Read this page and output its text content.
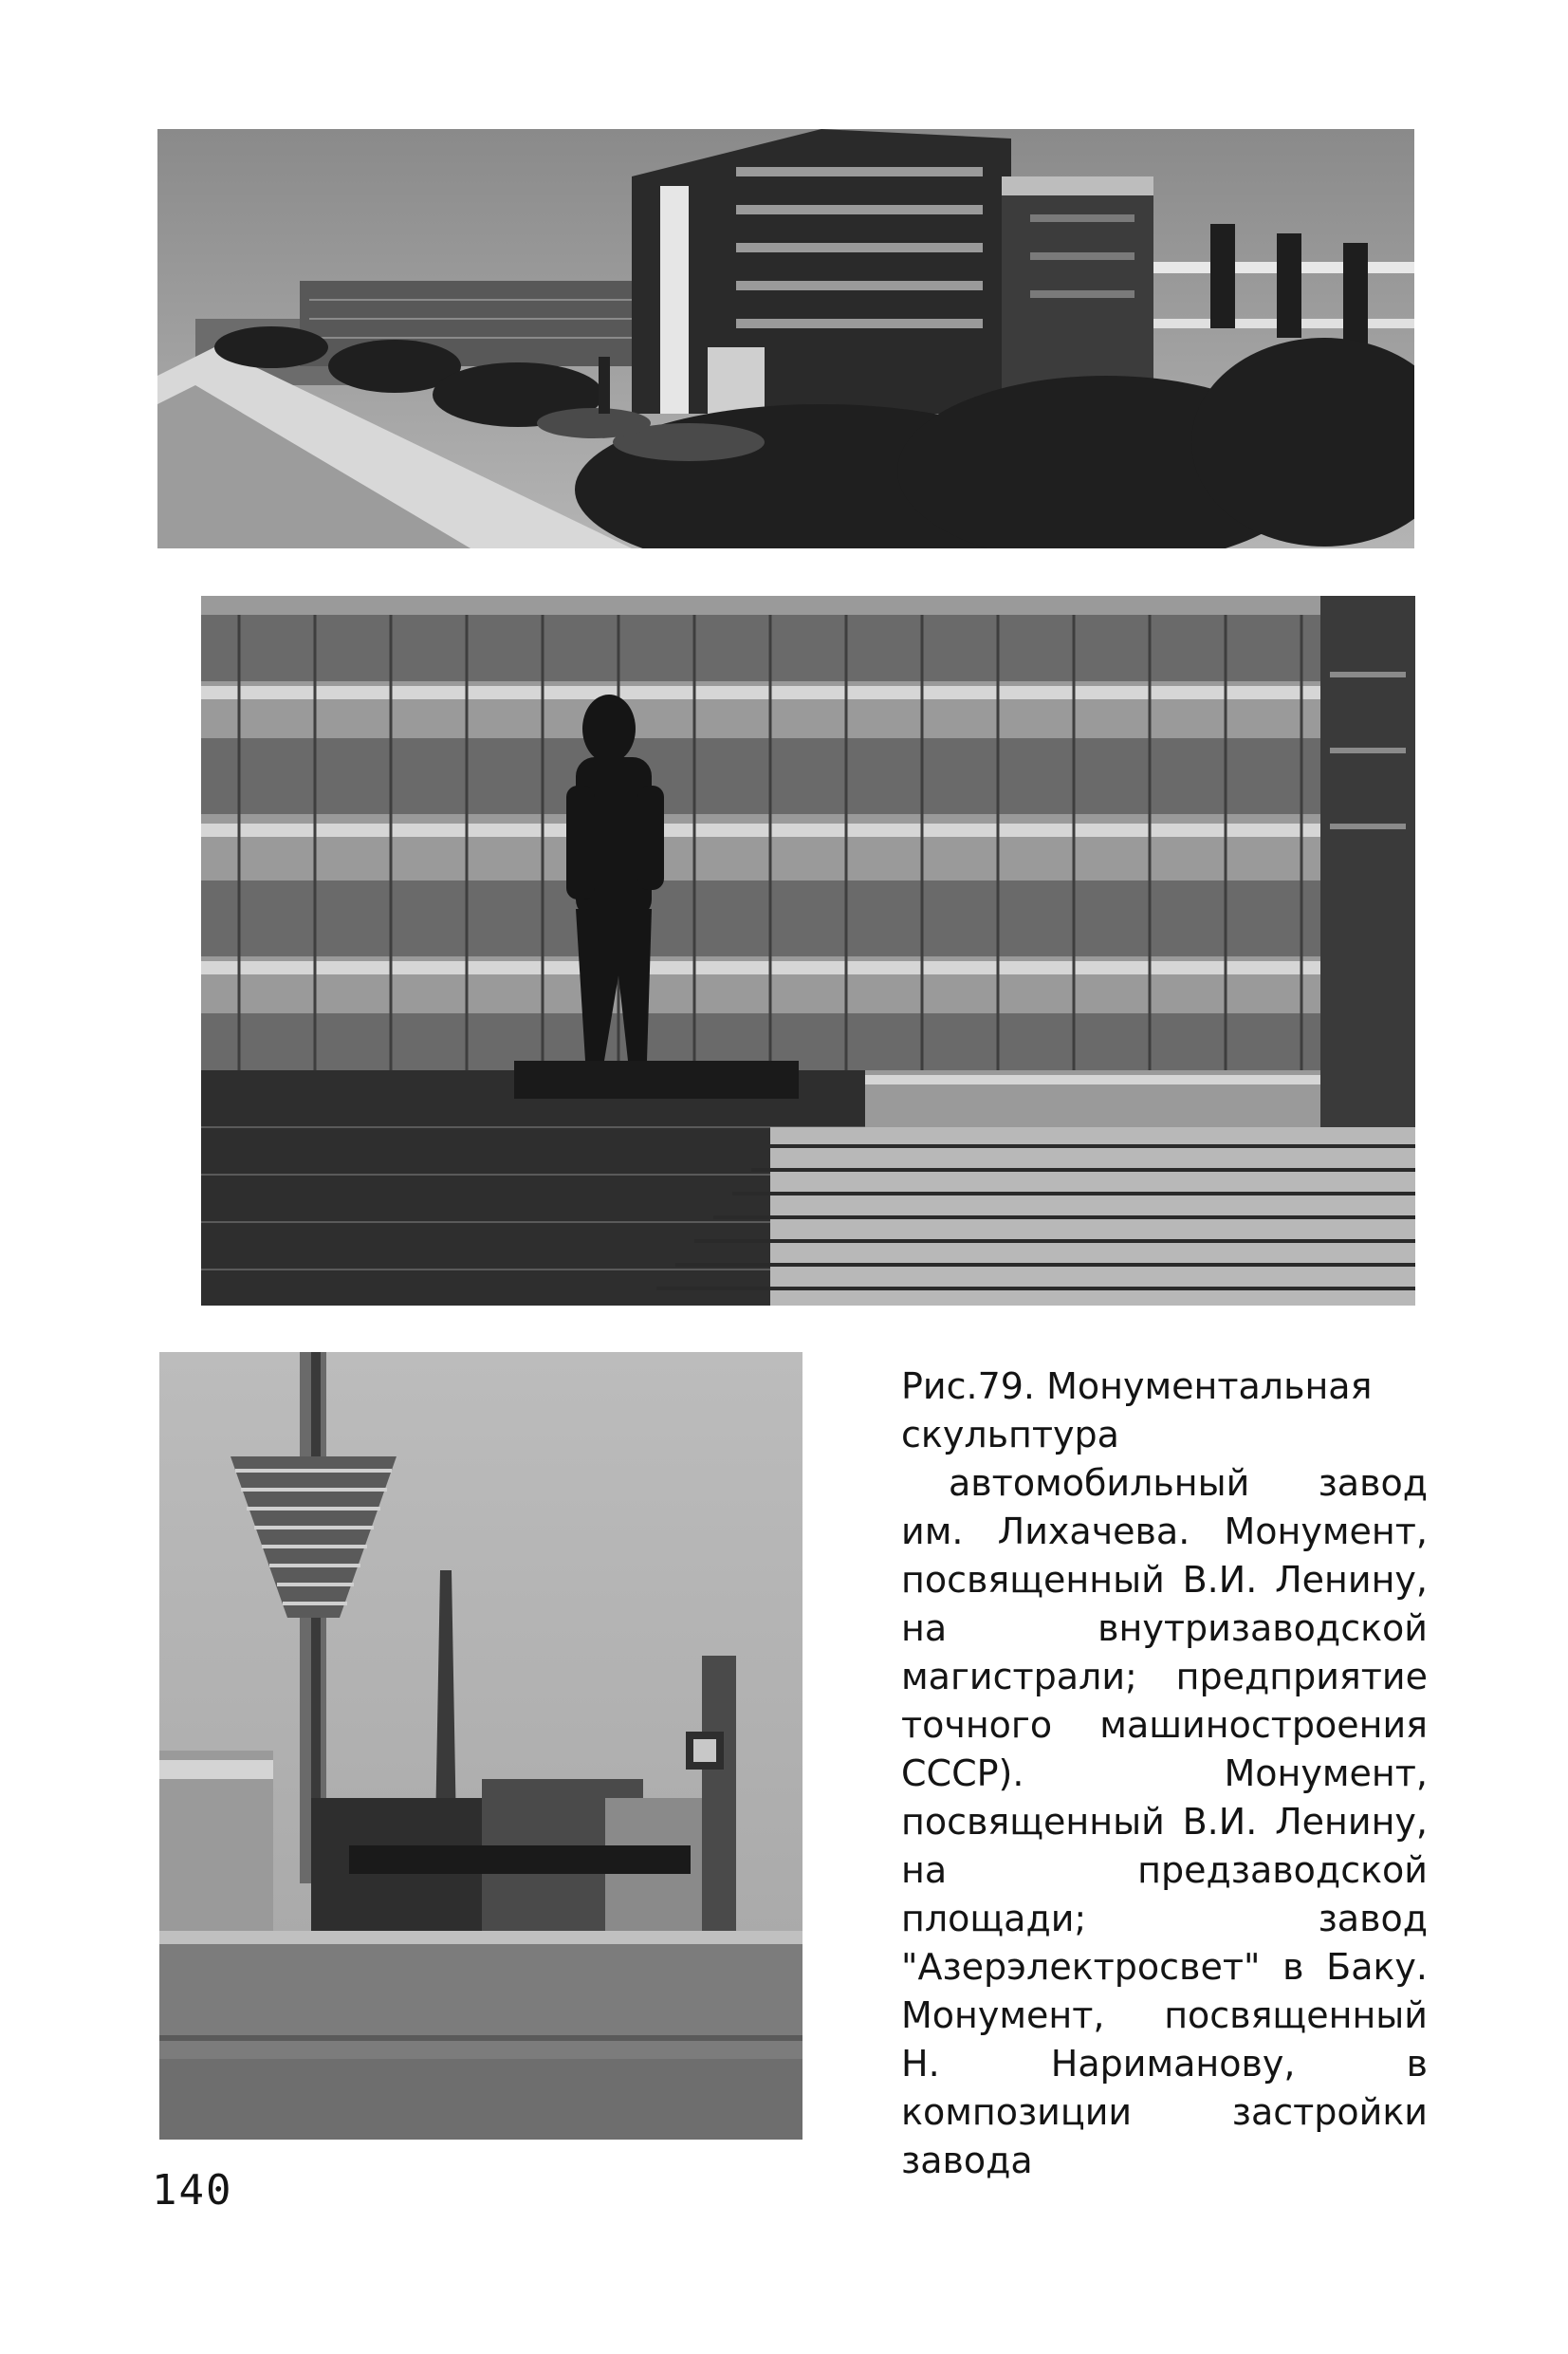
Рис.79. Монументальная скульптура
автомобильный завод им. Лихачева. Монумент, посвященный В.И. Ленину, на внутризаводской магистрали; предприятие точного машиностроения СССР). Монумент, посвященный В.И. Ленину, на предзаводской площади; завод "Азерэлектросвет" в Баку. Монумент, посвященный Н. Нариманову, в композиции застройки завода
140
